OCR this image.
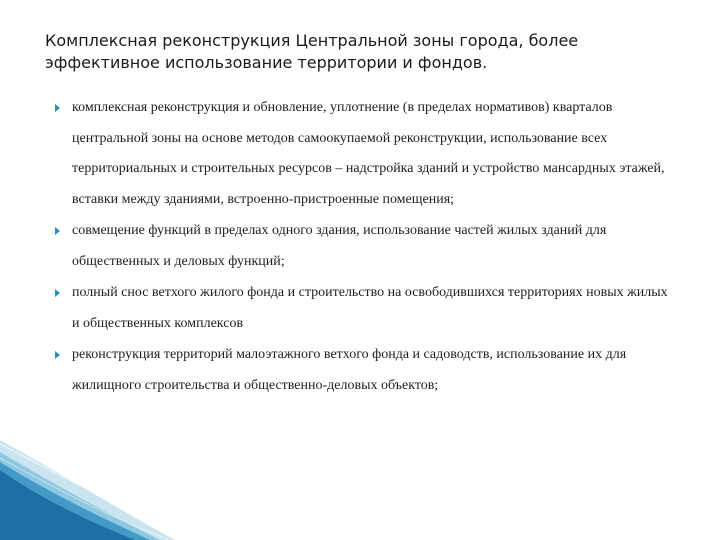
Комплексная реконструкция Центральной зоны города, более эффективное использование территории и фондов.
комплексная реконструкция и обновление, уплотнение (в пределах нормативов) кварталов центральной зоны на основе методов самоокупаемой реконструкции, использование всех территориальных и строительных ресурсов – надстройка зданий и устройство мансардных этажей, вставки между зданиями, встроенно-пристроенные помещения;
совмещение функций в пределах одного здания, использование частей жилых зданий для общественных и деловых функций;
полный снос ветхого жилого фонда и строительство на освободившихся территориях новых жилых и общественных комплексов
реконструкция территорий малоэтажного ветхого фонда и садоводств, использование их для жилищного строительства и общественно-деловых объектов;
